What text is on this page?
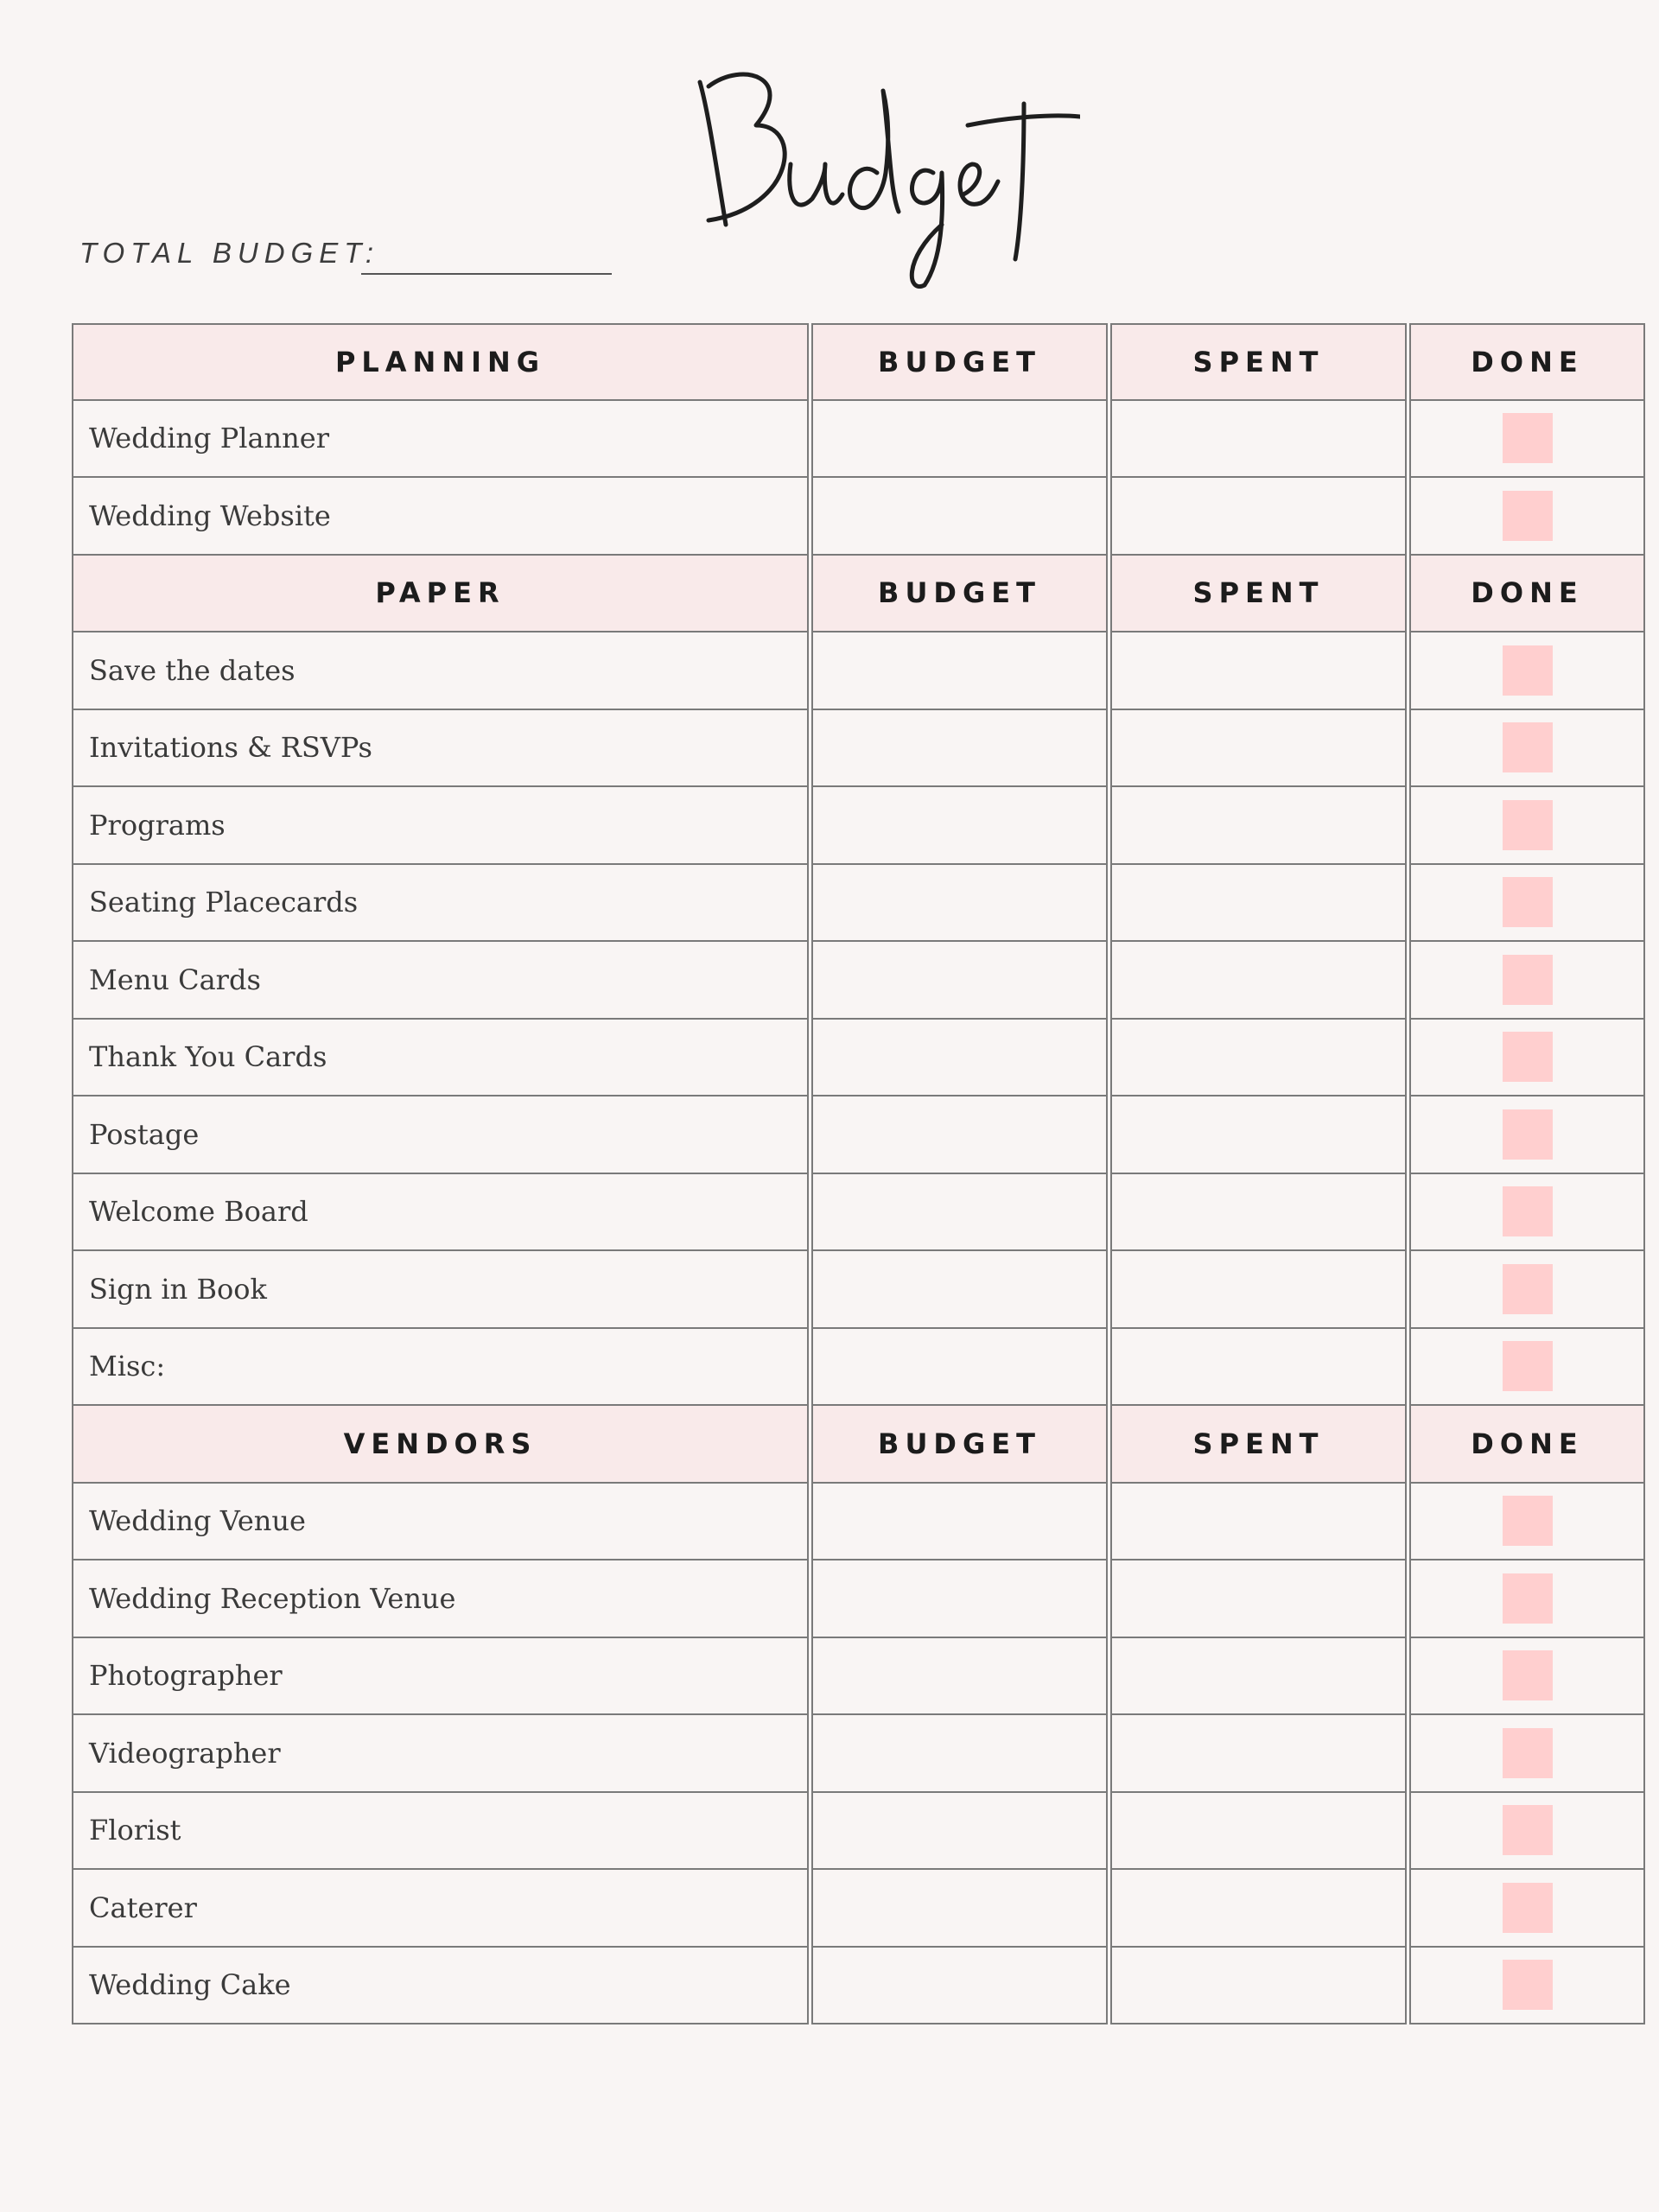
TOTAL BUDGET:
PLANNING	BUDGET	SPENT	DONE
Wedding Planner
Wedding Website
PAPER	BUDGET	SPENT	DONE
Save the dates
Invitations & RSVPs
Programs
Seating Placecards
Menu Cards
Thank You Cards
Postage
Welcome Board
Sign in Book
Misc:
VENDORS	BUDGET	SPENT	DONE
Wedding Venue
Wedding Reception Venue
Photographer
Videographer
Florist
Caterer
Wedding Cake
